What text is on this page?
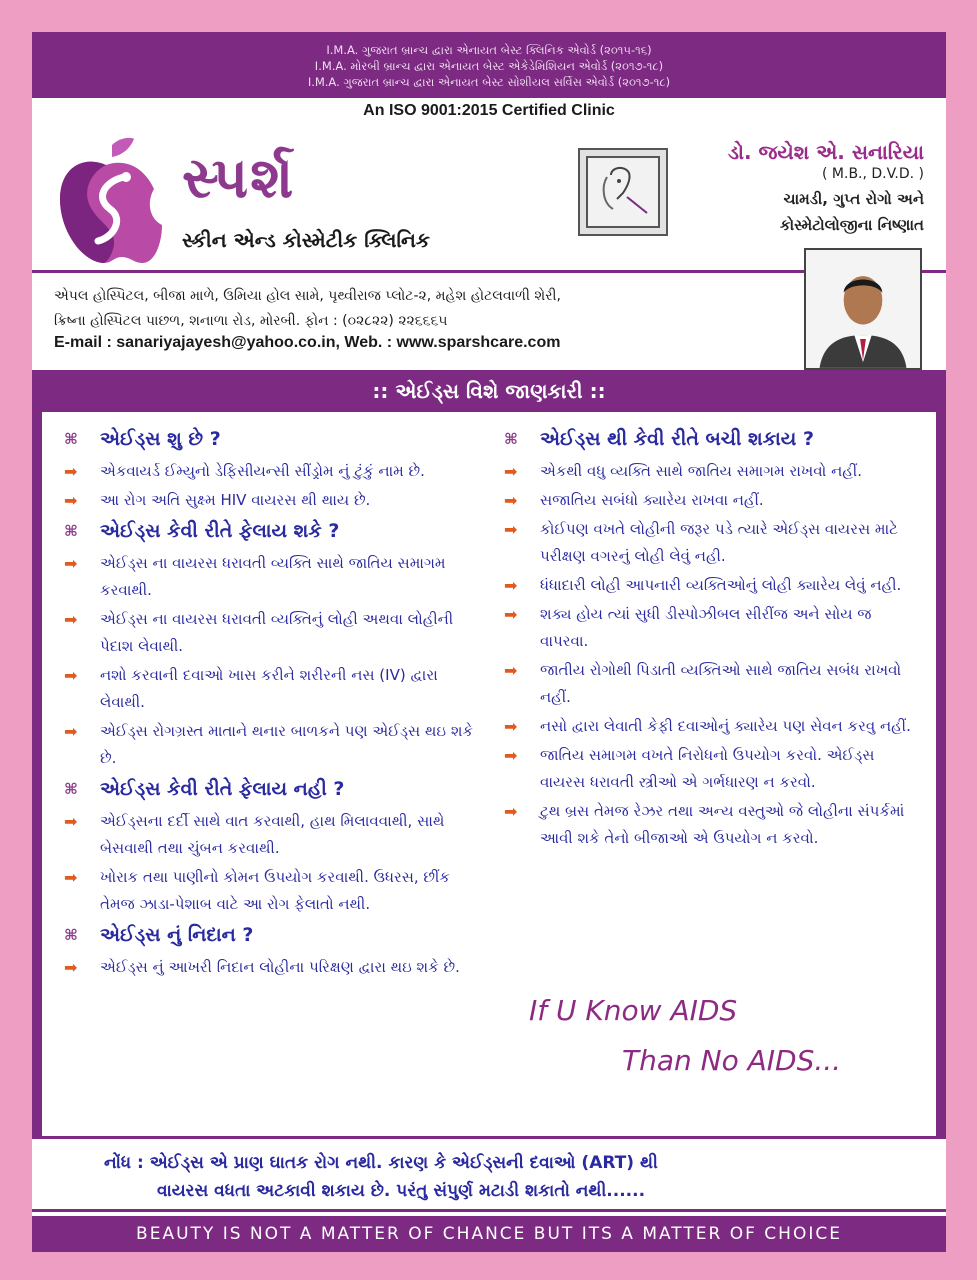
I.M.A. ગુજરાત બ્રાન્ચ દ્વારા એનાયત બેસ્ટ ક્લિનિક એવોર્ડ (૨૦૧૫-૧૬)
I.M.A. મોરબી બ્રાન્ચ દ્વારા એનાયત બેસ્ટ એકેડેમિશિયન એવોર્ડ (૨૦૧૭-૧૮)
I.M.A. ગુજરાત બ્રાન્ચ દ્વારા એનાયત બેસ્ટ સોશીયલ સર્વિસ એવોર્ડ (૨૦૧૭-૧૮)
An ISO 9001:2015 Certified Clinic
સ્પર્શ
સ્કીન એન્ડ કોસ્મેટીક ક્લિનિક
ડો. જયેશ એ. સનારિયા
( M.B., D.V.D. )
ચામડી, ગુપ્ત રોગો અને
કોસ્મેટોલોજીના નિષ્ણાત
એપલ હોસ્પિટલ, બીજા માળે, ઉમિયા હોલ સામે, પૃથ્વીરાજ પ્લોટ-૨, મહેશ હોટલવાળી શેરી,
ક્રિષ્ના હોસ્પિટલ પાછળ, શનાળા રોડ, મોરબી. ફોન : (૦૨૮૨૨) ૨૨૬૬૬૫
E-mail : sanariyajayesh@yahoo.co.in, Web. : www.sparshcare.com
:: એઈડ્સ વિશે જાણકારી ::
⌘	એઈડ્સ શુ છે ?
➡	એકવાયર્ડ ઈમ્યુનો ડેફિસીયન્સી સીંડ્રોમ નું ટુંકું નામ છે.
➡	આ રોગ અતિ સુક્ષ્મ HIV વાયરસ થી થાય છે.
⌘	એઈડ્સ કેવી રીતે ફેલાય શકે ?
➡	એઈડ્સ ના વાયરસ ધરાવતી વ્યક્તિ સાથે જાતિય સમાગમ કરવાથી.
➡	એઈડ્સ ના વાયરસ ધરાવતી વ્યક્તિનું લોહી અથવા લોહીની પેદાશ લેવાથી.
➡	નશો કરવાની દવાઓ ખાસ કરીને શરીરની નસ (IV) દ્વારા લેવાથી.
➡	એઈડ્સ રોગગ્રસ્ત માતાને થનાર બાળકને પણ એઈડ્સ થઇ શકે છે.
⌘	એઈડ્સ કેવી રીતે ફેલાય નહી ?
➡	એઈડ્સના દર્દી સાથે વાત કરવાથી, હાથ મિલાવવાથી, સાથે બેસવાથી તથા ચુંબન કરવાથી.
➡	ખોરાક તથા પાણીનો કોમન ઉપયોગ કરવાથી. ઉધરસ, છીંક તેમજ ઝાડા-પેશાબ વાટે આ રોગ ફેલાતો નથી.
⌘	એઈડ્સ નું નિદાન ?
➡	એઈડ્સ નું આખરી નિદાન લોહીના પરિક્ષણ દ્વારા થઇ શકે છે.
⌘	એઈડ્સ થી કેવી રીતે બચી શકાય ?
➡	એકથી વધુ વ્યક્તિ સાથે જાતિય સમાગમ રાખવો નહીં.
➡	સજાતિય સબંધો ક્યારેય રાખવા નહીં.
➡	કોઈપણ વખતે લોહીની જરૂર પડે ત્યારે એઈડ્સ વાયરસ માટે પરીક્ષણ વગરનું લોહી લેવું નહી.
➡	ધંધાદારી લોહી આપનારી વ્યક્તિઓનું લોહી ક્યારેય લેવું નહી.
➡	શક્ય હોય ત્યાં સુધી ડીસ્પોઝીબલ સીરીંજ અને સોય જ વાપરવા.
➡	જાતીય રોગોથી પિડાતી વ્યક્તિઓ સાથે જાતિય સબંધ રાખવો નહીં.
➡	નસો દ્વારા લેવાતી કેફી દવાઓનું ક્યારેય પણ સેવન કરવુ નહીં.
➡	જાતિય સમાગમ વખતે નિરોધનો ઉપયોગ કરવો. એઈડ્સ વાયરસ ધરાવતી સ્ત્રીઓ એ ગર્ભધારણ ન કરવો.
➡	ટુથ બ્રસ તેમજ રેઝર તથા અન્ય વસ્તુઓ જે લોહીના સંપર્કમાં આવી શકે તેનો બીજાઓ એ ઉપયોગ ન કરવો.
If U Know AIDS
Than No AIDS...
નોંધ : એઈડ્સ એ પ્રાણ ઘાતક રોગ નથી. કારણ કે એઈડ્સની દવાઓ (ART) થી
વાયરસ વધતા અટકાવી શકાય છે. પરંતુ સંપુર્ણ મટાડી શકાતો નથી......
BEAUTY IS NOT A MATTER OF CHANCE BUT ITS A MATTER OF CHOICE
